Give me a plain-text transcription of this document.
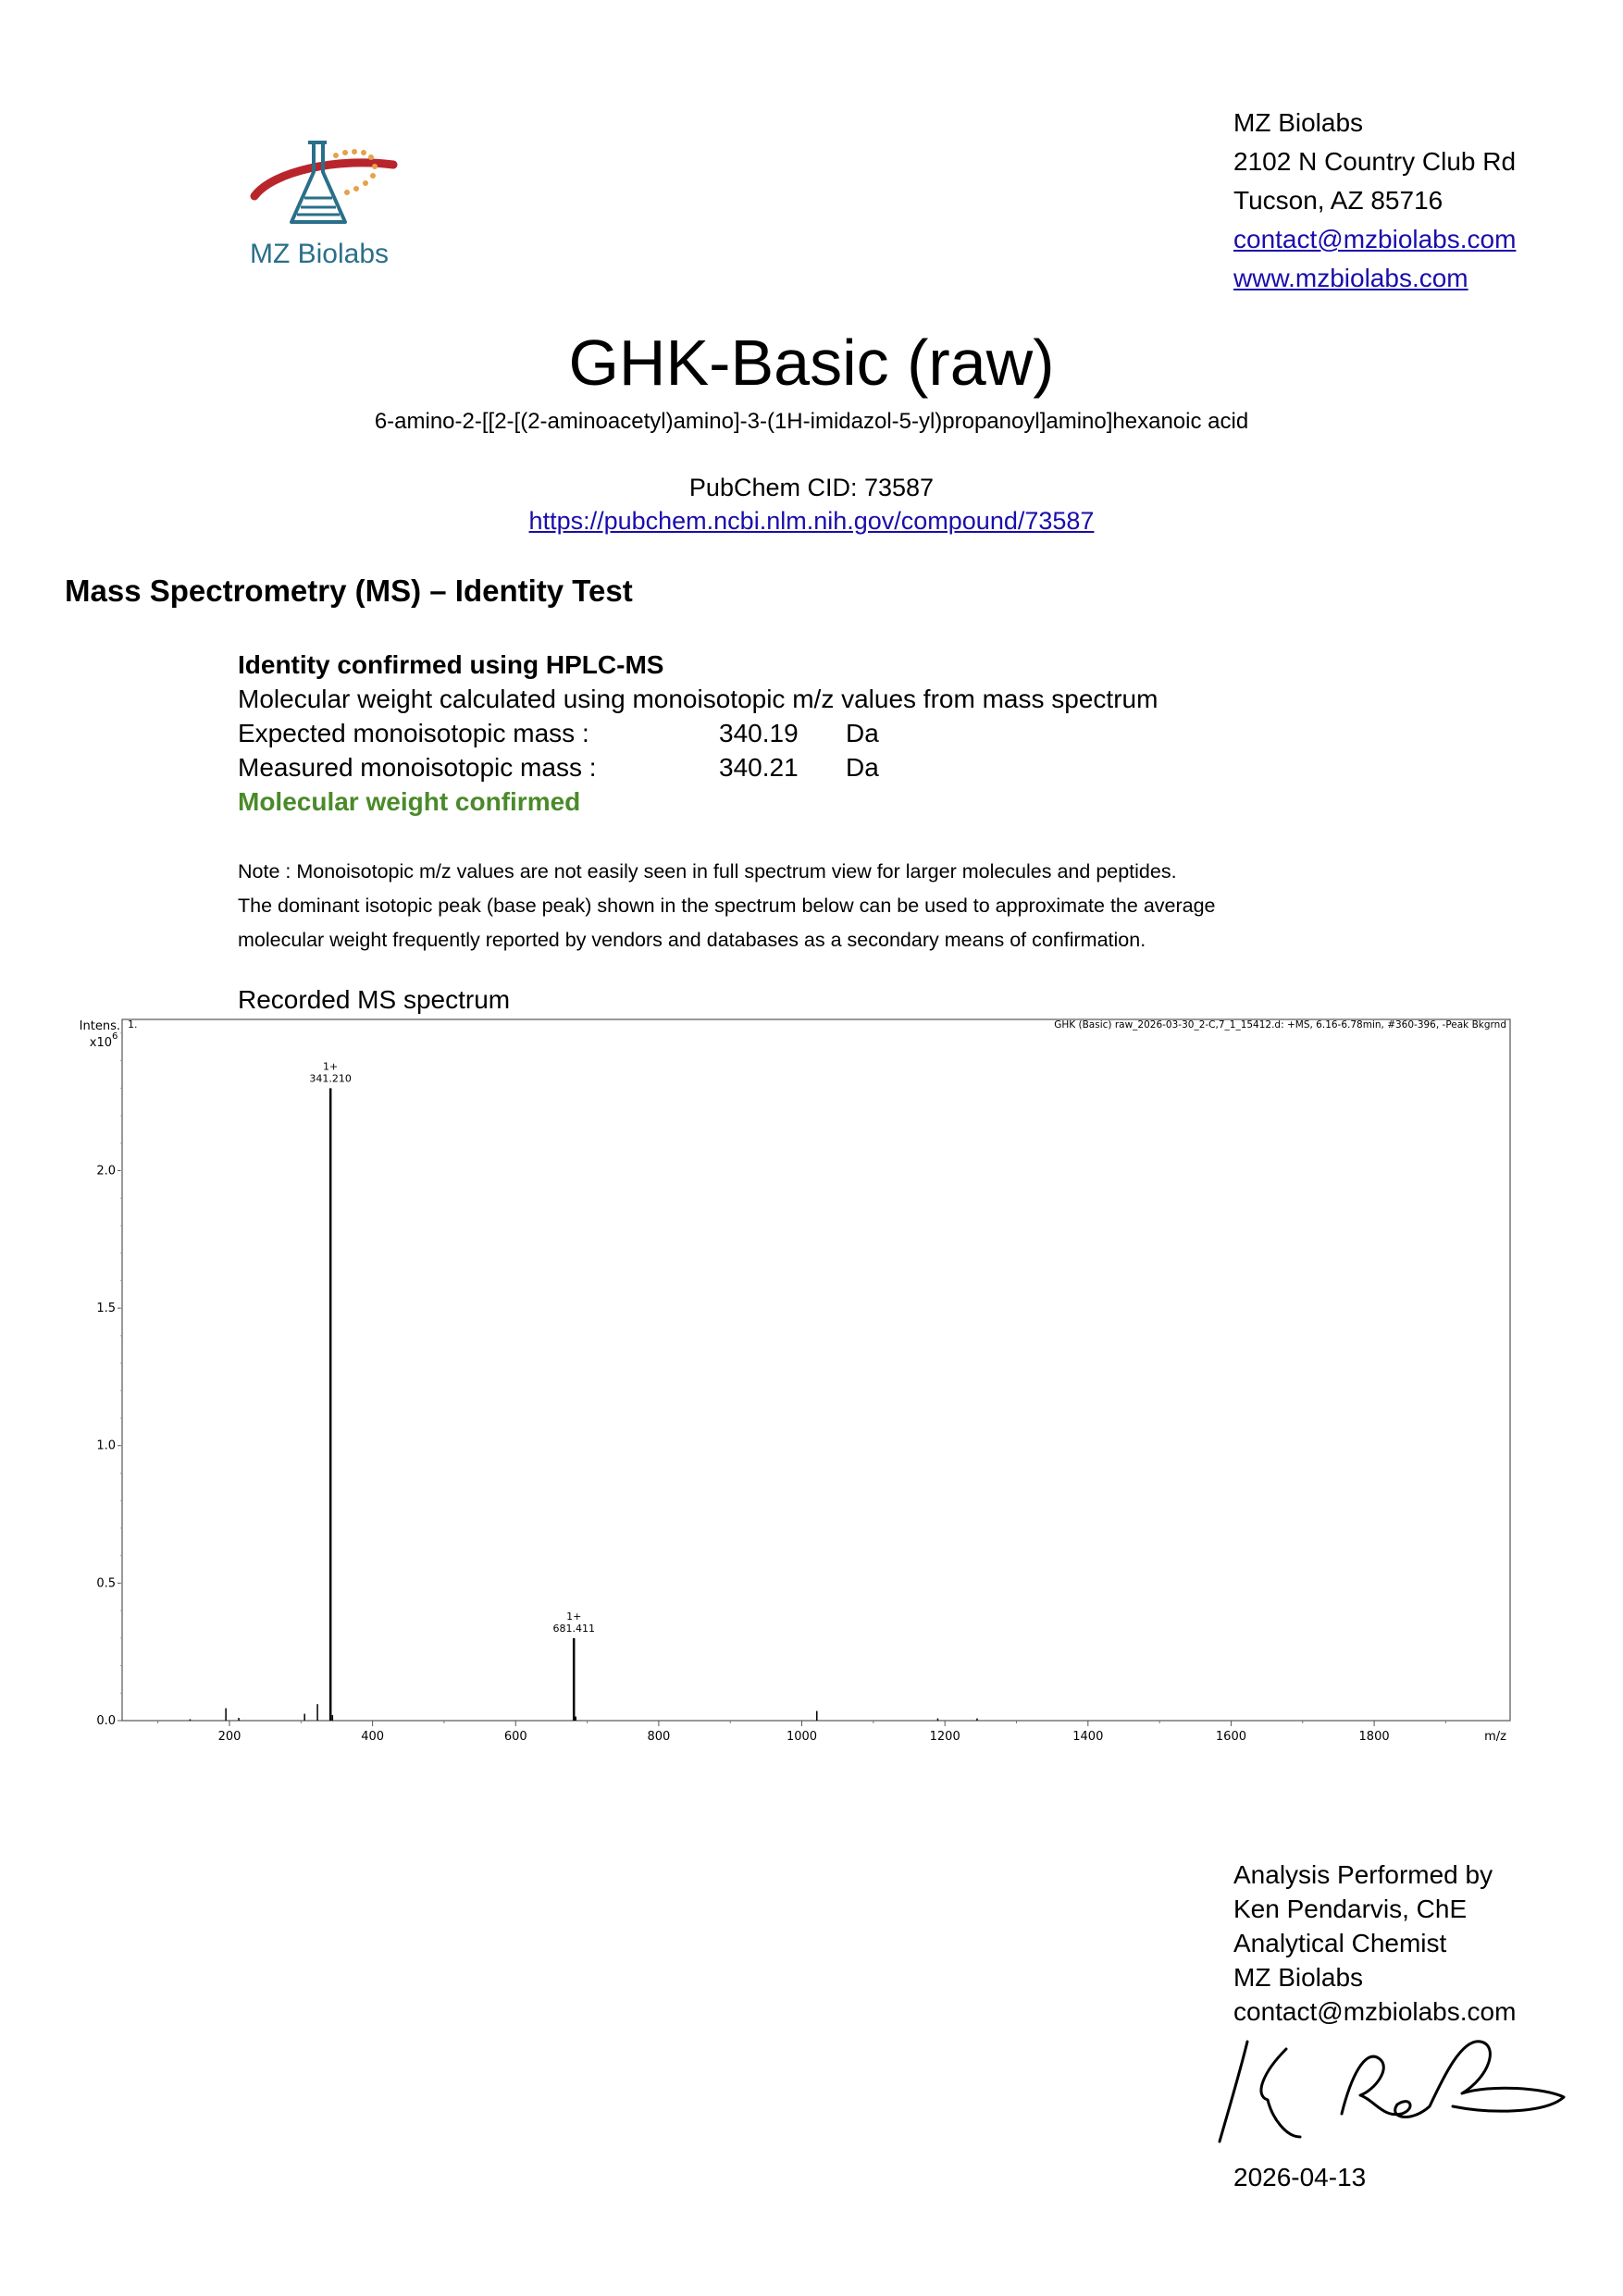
MZ Biolabs
MZ Biolabs
2102 N Country Club Rd
Tucson, AZ 85716
contact@mzbiolabs.com
www.mzbiolabs.com
GHK-Basic (raw)
6-amino-2-[[2-[(2-aminoacetyl)amino]-3-(1H-imidazol-5-yl)propanoyl]amino]hexanoic acid
PubChem CID: 73587
https://pubchem.ncbi.nlm.nih.gov/compound/73587
Mass Spectrometry (MS) – Identity Test
Identity confirmed using HPLC-MS
Molecular weight calculated using monoisotopic m/z values from mass spectrum
Expected monoisotopic mass :	340.19 Da
Measured monoisotopic mass :	340.21 Da
Molecular weight confirmed
Note : Monoisotopic m/z values are not easily seen in full spectrum view for larger molecules and peptides.
The dominant isotopic peak (base peak) shown in the spectrum below can be used to approximate the average
molecular weight frequently reported by vendors and databases as a secondary means of confirmation.
Recorded MS spectrum
200	400	600	800	1000	1200	1400	1600	1800
0.0
0.5
1.0
1.5
2.0
1+
341.210
1+
681.411
Intens.
x10 6
1.	GHK (Basic) raw_2026-03-30_2-C,7_1_15412.d: +MS, 6.16-6.78min, #360-396, -Peak Bkgrnd
m/z
Analysis Performed by
Ken Pendarvis, ChE
Analytical Chemist
MZ Biolabs
contact@mzbiolabs.com
2026-04-13
